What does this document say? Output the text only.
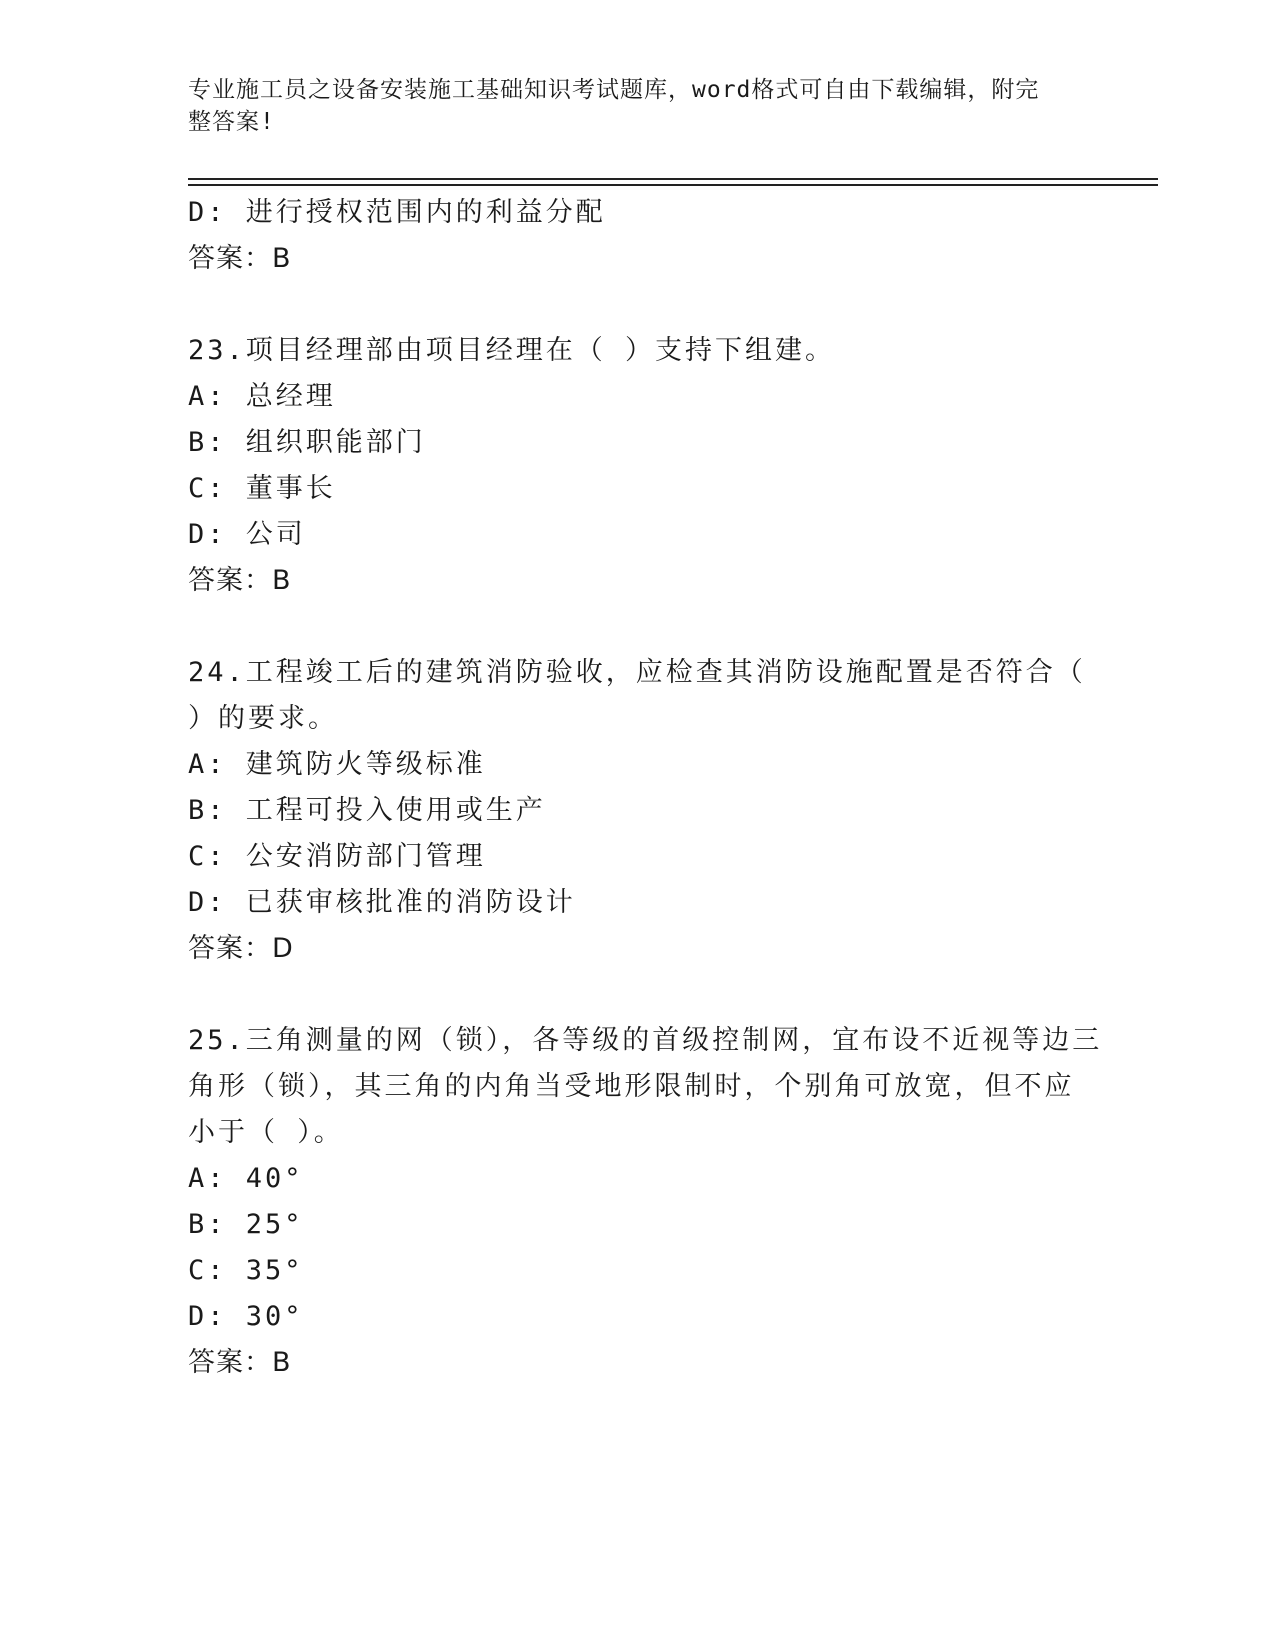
专业施工员之设备安装施工基础知识考试题库，word格式可自由下载编辑，附完
整答案!
D: 进行授权范围内的利益分配
答案：B
23.项目经理部由项目经理在（ ）支持下组建。
A: 总经理
B: 组织职能部门
C: 董事长
D: 公司
答案：B
24.工程竣工后的建筑消防验收，应检查其消防设施配置是否符合（
）的要求。
A: 建筑防火等级标准
B: 工程可投入使用或生产
C: 公安消防部门管理
D: 已获审核批准的消防设计
答案：D
25.三角测量的网（锁），各等级的首级控制网，宜布设不近视等边三
角形（锁），其三角的内角当受地形限制时，个别角可放宽，但不应
小于（ ）。
A: 40°
B: 25°
C: 35°
D: 30°
答案：B
